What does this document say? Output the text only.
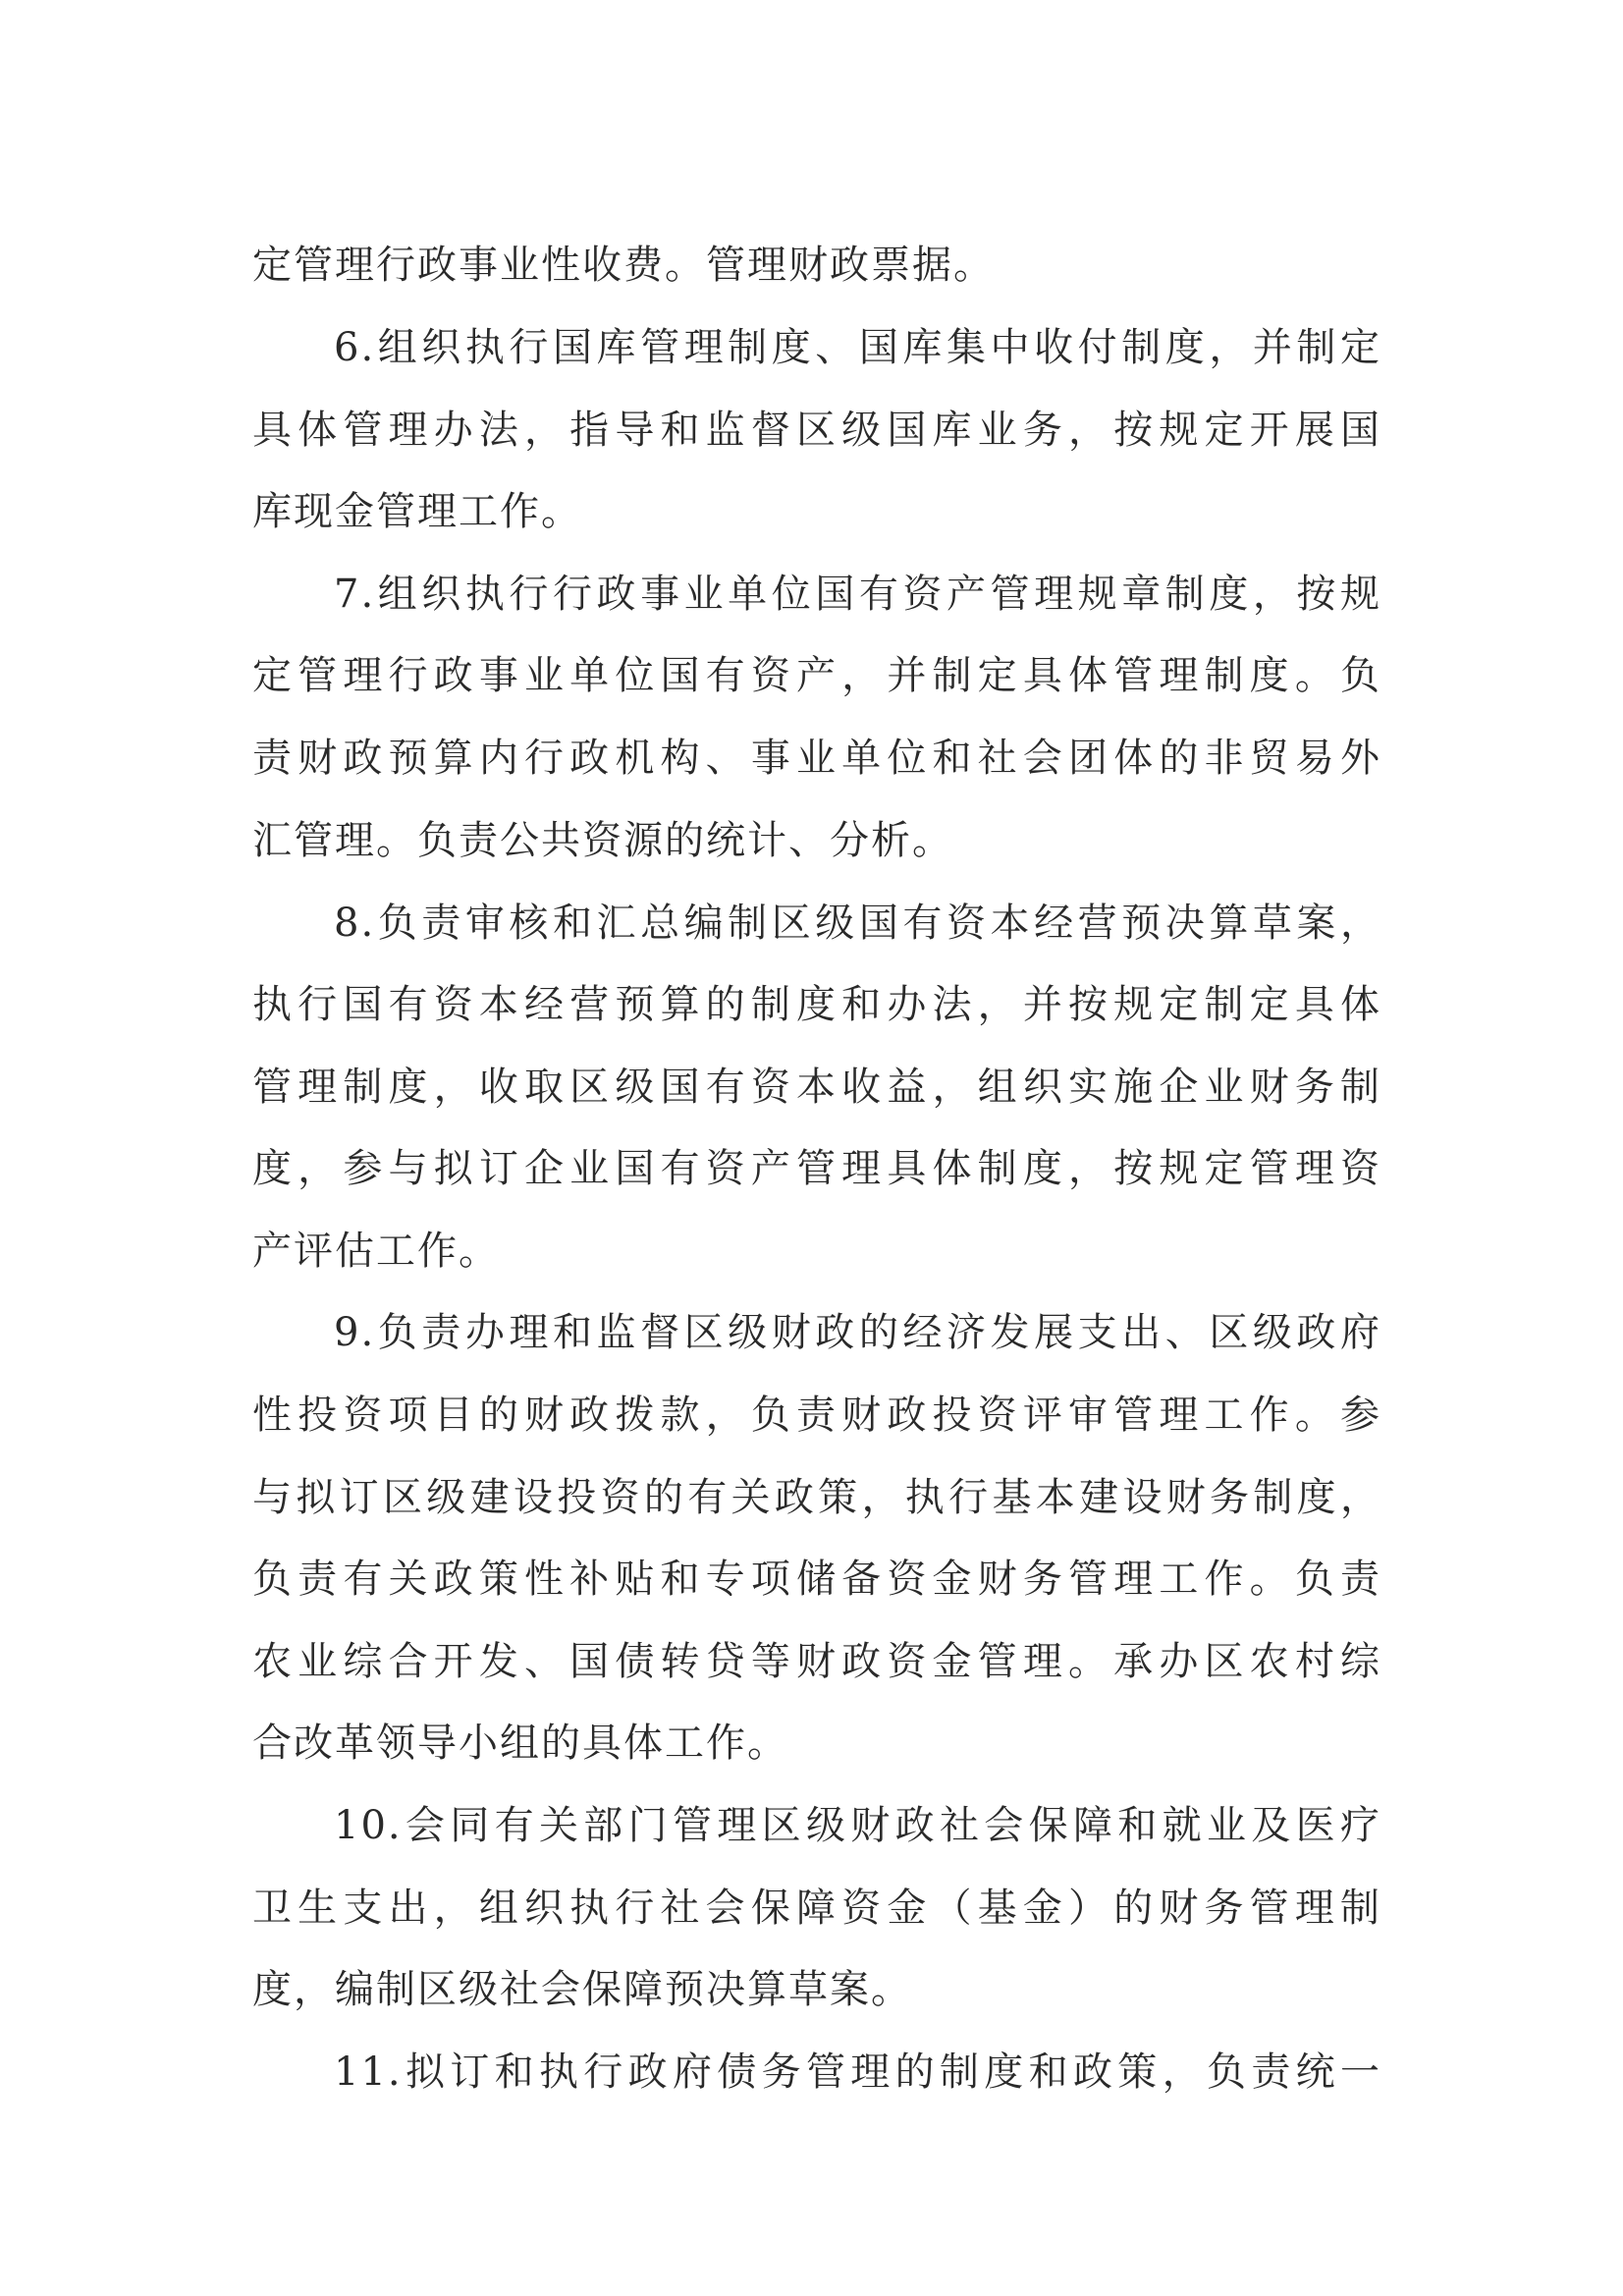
定管理行政事业性收费。管理财政票据。
6.组织执行国库管理制度、国库集中收付制度，并制定
具体管理办法，指导和监督区级国库业务，按规定开展国
库现金管理工作。
7.组织执行行政事业单位国有资产管理规章制度，按规
定管理行政事业单位国有资产，并制定具体管理制度。负
责财政预算内行政机构、事业单位和社会团体的非贸易外
汇管理。负责公共资源的统计、分析。
8.负责审核和汇总编制区级国有资本经营预决算草案，
执行国有资本经营预算的制度和办法，并按规定制定具体
管理制度，收取区级国有资本收益，组织实施企业财务制
度，参与拟订企业国有资产管理具体制度，按规定管理资
产评估工作。
9.负责办理和监督区级财政的经济发展支出、区级政府
性投资项目的财政拨款，负责财政投资评审管理工作。参
与拟订区级建设投资的有关政策，执行基本建设财务制度，
负责有关政策性补贴和专项储备资金财务管理工作。负责
农业综合开发、国债转贷等财政资金管理。承办区农村综
合改革领导小组的具体工作。
10.会同有关部门管理区级财政社会保障和就业及医疗
卫生支出，组织执行社会保障资金（基金）的财务管理制
度，编制区级社会保障预决算草案。
11.拟订和执行政府债务管理的制度和政策，负责统一
